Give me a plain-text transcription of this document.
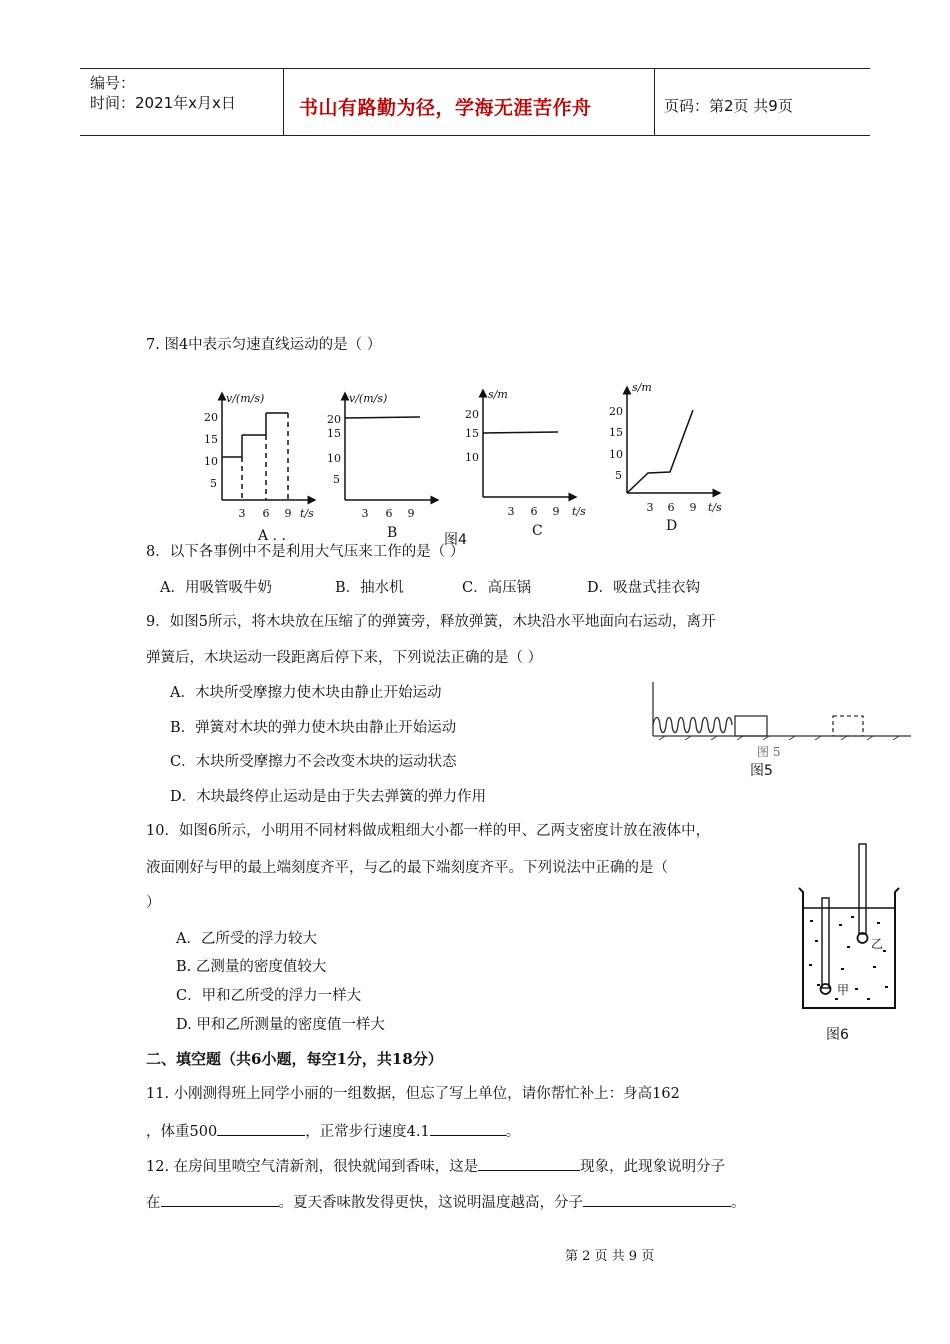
编号：
时间：2021年x月x日	书山有路勤为径，学海无涯苦作舟	页码：第2页 共9页
7. 图4中表示匀速直线运动的是（ ）
v/(m/s)
20
15
10
5
3 6 9 t/s
v/(m/s)
20
15
10
5
3 6 9
s/m
20
15
10
3 6 9 t/s
s/m
20
15
10
5
3 6 9 t/s
A . .	B	C	D
图4
8．以下各事例中不是利用大气压来工作的是（ ）
A．用吸管吸牛奶	B．抽水机	C．高压锅	D．吸盘式挂衣钩
9．如图5所示，将木块放在压缩了的弹簧旁，释放弹簧，木块沿水平地面向右运动，离开
弹簧后，木块运动一段距离后停下来，下列说法正确的是（ ）
A．木块所受摩擦力使木块由静止开始运动
B．弹簧对木块的弹力使木块由静止开始运动
C．木块所受摩擦力不会改变木块的运动状态
D．木块最终停止运动是由于失去弹簧的弹力作用
图 5
图5
10．如图6所示，小明用不同材料做成粗细大小都一样的甲、乙两支密度计放在液体中，
液面刚好与甲的最上端刻度齐平，与乙的最下端刻度齐平。下列说法中正确的是（
）
A．乙所受的浮力较大
B. 乙测量的密度值较大
C．甲和乙所受的浮力一样大
D. 甲和乙所测量的密度值一样大
甲
乙
图6
二、填空题（共6小题，每空1分，共18分）
11. 小刚测得班上同学小丽的一组数据，但忘了写上单位，请你帮忙补上：身高162
，体重500	，正常步行速度4.1	。
12. 在房间里喷空气清新剂，很快就闻到香味，这是	现象，此现象说明分子
在	。夏天香味散发得更快，这说明温度越高，分子	。
第 2 页 共 9 页
